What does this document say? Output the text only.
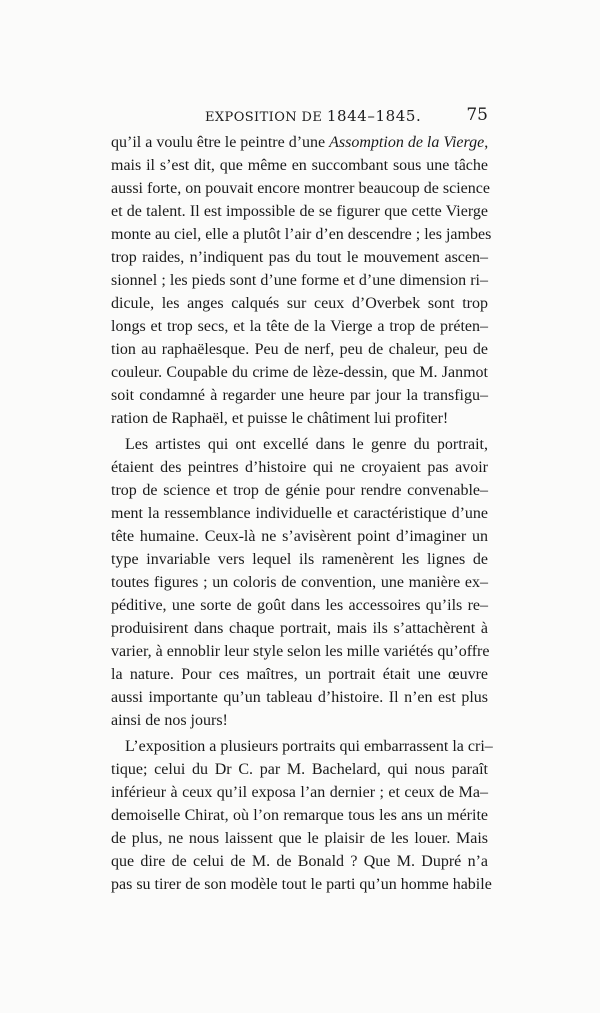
EXPOSITION DE 1844–1845.	75
qu’il a voulu être le peintre d’une Assomption de la Vierge,
mais il s’est dit, que même en succombant sous une tâche
aussi forte, on pouvait encore montrer beaucoup de science
et de talent. Il est impossible de se figurer que cette Vierge
monte au ciel, elle a plutôt l’air d’en descendre ; les jambes
trop raides, n’indiquent pas du tout le mouvement ascen–
sionnel ; les pieds sont d’une forme et d’une dimension ri–
dicule, les anges calqués sur ceux d’Overbek sont trop
longs et trop secs, et la tête de la Vierge a trop de préten–
tion au raphaëlesque. Peu de nerf, peu de chaleur, peu de
couleur. Coupable du crime de lèze-dessin, que M. Janmot
soit condamné à regarder une heure par jour la transfigu–
ration de Raphaël, et puisse le châtiment lui profiter!
Les artistes qui ont excellé dans le genre du portrait,
étaient des peintres d’histoire qui ne croyaient pas avoir
trop de science et trop de génie pour rendre convenable–
ment la ressemblance individuelle et caractéristique d’une
tête humaine. Ceux-là ne s’avisèrent point d’imaginer un
type invariable vers lequel ils ramenèrent les lignes de
toutes figures ; un coloris de convention, une manière ex–
péditive, une sorte de goût dans les accessoires qu’ils re–
produisirent dans chaque portrait, mais ils s’attachèrent à
varier, à ennoblir leur style selon les mille variétés qu’offre
la nature. Pour ces maîtres, un portrait était une œuvre
aussi importante qu’un tableau d’histoire. Il n’en est plus
ainsi de nos jours!
L’exposition a plusieurs portraits qui embarrassent la cri–
tique; celui du Dr C. par M. Bachelard, qui nous paraît
inférieur à ceux qu’il exposa l’an dernier ; et ceux de Ma–
demoiselle Chirat, où l’on remarque tous les ans un mérite
de plus, ne nous laissent que le plaisir de les louer. Mais
que dire de celui de M. de Bonald ? Que M. Dupré n’a
pas su tirer de son modèle tout le parti qu’un homme habile
